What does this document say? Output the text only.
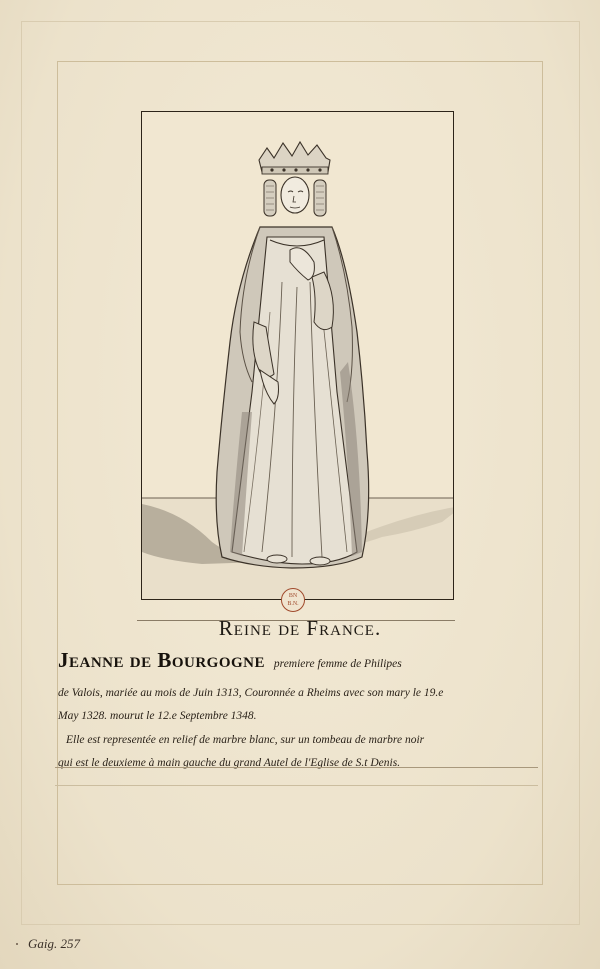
BN
B.N.
Reine de France.
Jeanne de Bourgogne premiere femme de Philipes
de Valois, mariée au mois de Juin 1313, Couronnée a Rheims avec son mary le 19.e
May 1328. mourut le 12.e Septembre 1348.
Elle est representée en relief de marbre blanc, sur un tombeau de marbre noir
qui est le deuxieme à main gauche du grand Autel de l'Eglise de S.t Denis.
Gaig. 257
